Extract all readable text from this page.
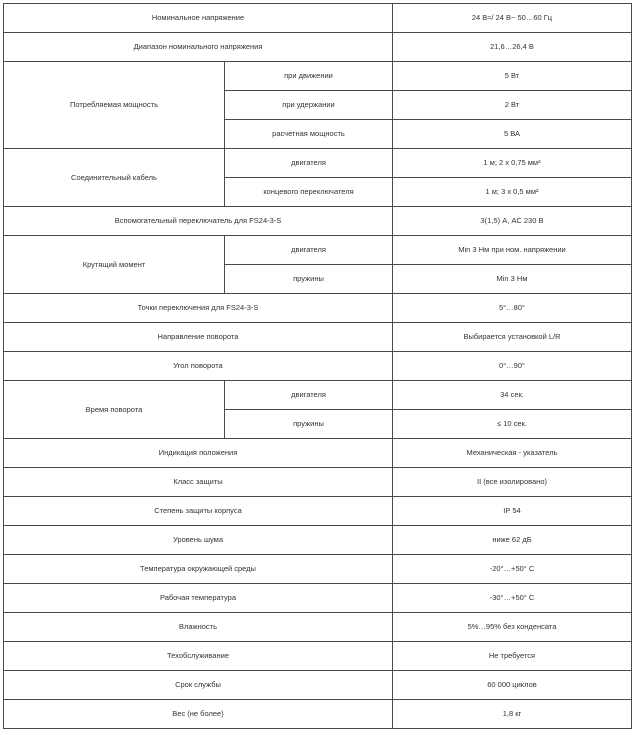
Номинальное напряжение		24 В≈/ 24 В~ 50…60 Гц
Диапазон номинального напряжения		21,6…26,4 В
Потребляемая мощность	при движении	5 Вт
	при удержании	2 Вт
	расчетная мощность	5 ВА
Соединительный кабель	двигателя	1 м; 2 x 0,75 мм²
	концевого переключателя	1 м; 3 x 0,5 мм²
Вспомогательный переключатель для FS24-3-S		3(1,5) А, AC 230 В
Крутящий момент	двигателя	Min 3 Нм при ном. напряжении
	пружины	Min 3 Нм
Точки переключения для FS24-3-S		5°…80°
Направление поворота		Выбирается установкой L/R
Угол поворота		0°…90°
Время поворота	двигателя	34 сек.
	пружины	≤ 10 сек.
Индикация положения		Механическая - указатель
Класс защиты		II (все изолировано)
Степень защиты корпуса		IP 54
Уровень шума		ниже 62 дБ
Температура окружающей среды		-20°…+50° C
Рабочая температура		-30°…+50° C
Влажность		5%…95% без конденсата
Техобслуживание		Не требуется
Срок службы		60 000 циклов
Вес (не более)		1,8 кг
